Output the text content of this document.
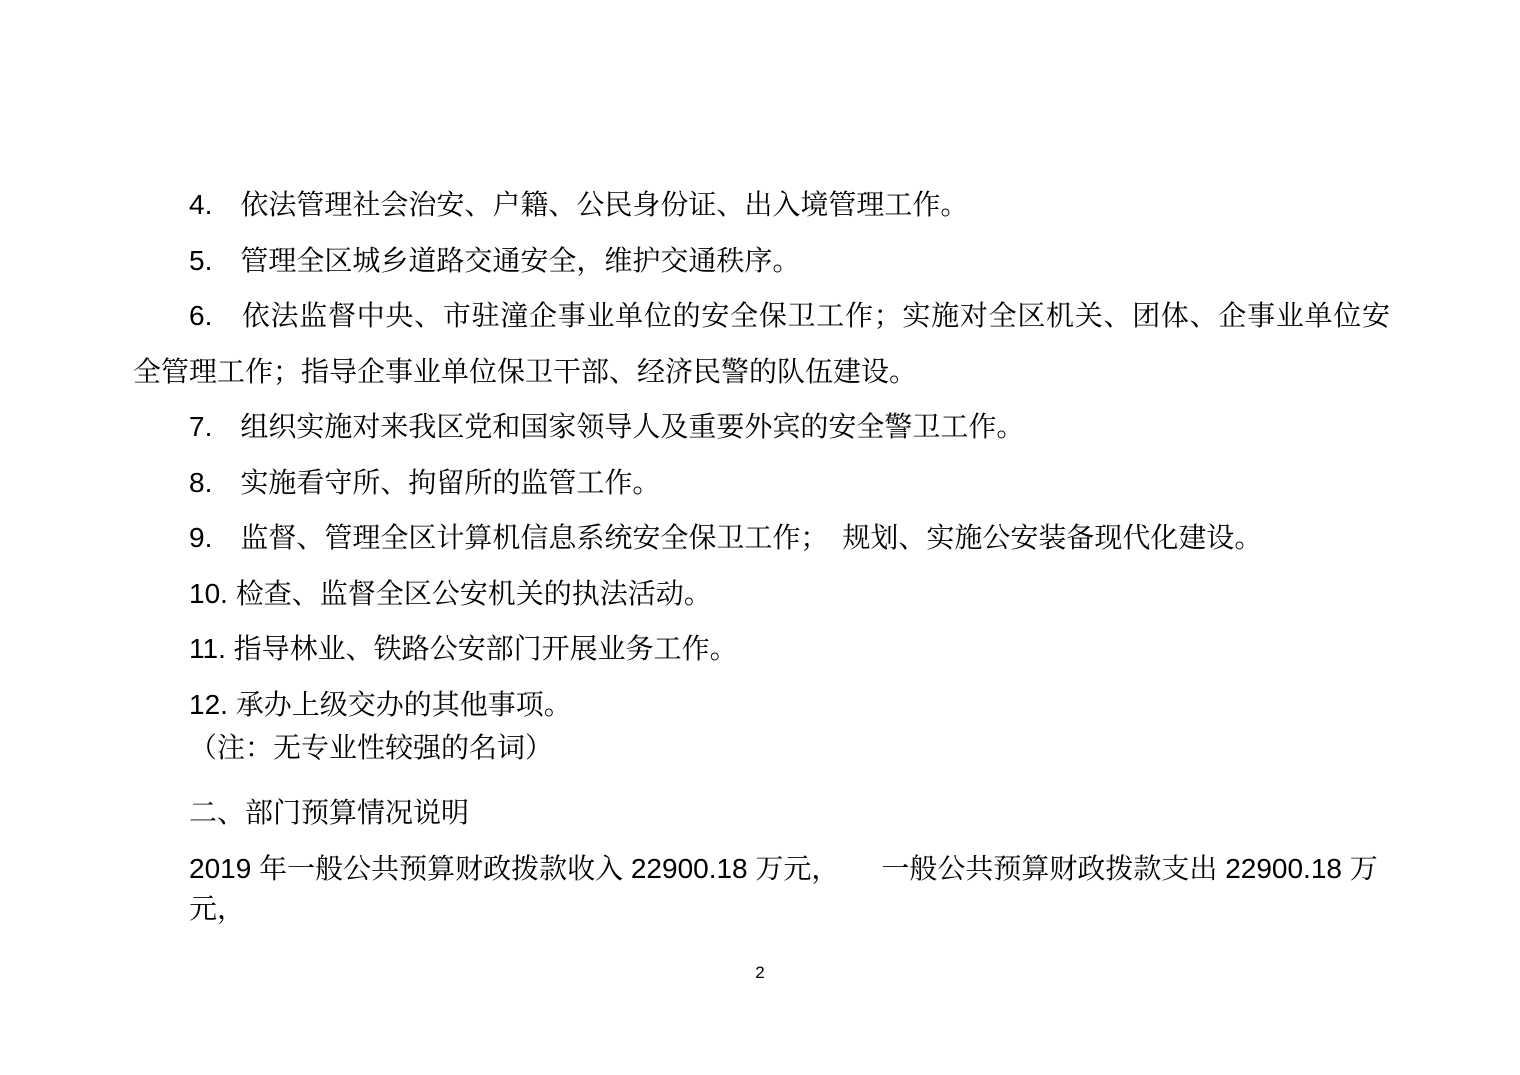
4.　依法管理社会治安、户籍、公民身份证、出入境管理工作。
5.　管理全区城乡道路交通安全，维护交通秩序。
6.　依法监督中央、市驻潼企事业单位的安全保卫工作；实施对全区机关、团体、企事业单位安
全管理工作；指导企事业单位保卫干部、经济民警的队伍建设。
7.　组织实施对来我区党和国家领导人及重要外宾的安全警卫工作。
8.　实施看守所、拘留所的监管工作。
9.　监督、管理全区计算机信息系统安全保卫工作；　规划、实施公安装备现代化建设。
10. 检查、监督全区公安机关的执法活动。
11. 指导林业、铁路公安部门开展业务工作。
12. 承办上级交办的其他事项。
（注：无专业性较强的名词）
二、部门预算情况说明
2019 年一般公共预算财政拨款收入 22900.18 万元，　　一般公共预算财政拨款支出 22900.18 万元，
2
